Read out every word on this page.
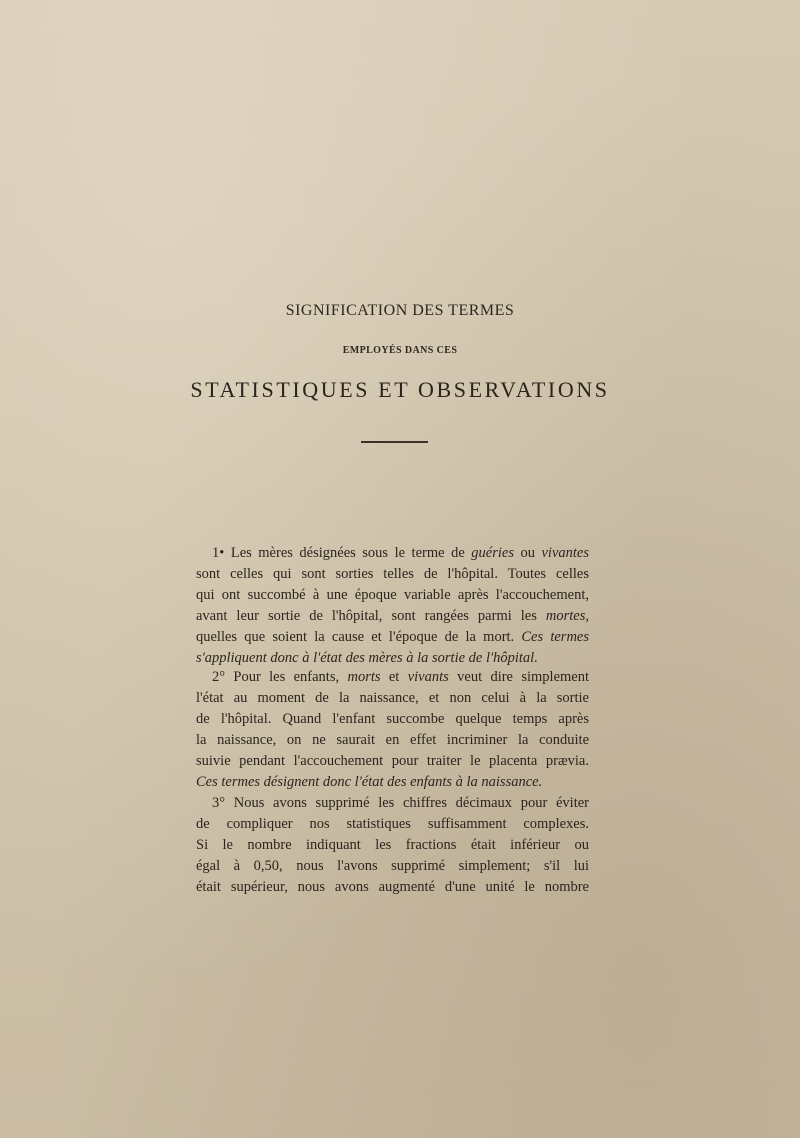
SIGNIFICATION DES TERMES
EMPLOYÉS DANS CES
STATISTIQUES ET OBSERVATIONS
1• Les mères désignées sous le terme de guéries ou vivantes
sont celles qui sont sorties telles de l'hôpital. Toutes celles
qui ont succombé à une époque variable après l'accouchement,
avant leur sortie de l'hôpital, sont rangées parmi les mortes,
quelles que soient la cause et l'époque de la mort. Ces termes
s'appliquent donc à l'état des mères à la sortie de l'hôpital.
2° Pour les enfants, morts et vivants veut dire simplement
l'état au moment de la naissance, et non celui à la sortie
de l'hôpital. Quand l'enfant succombe quelque temps après
la naissance, on ne saurait en effet incriminer la conduite
suivie pendant l'accouchement pour traiter le placenta prævia.
Ces termes désignent donc l'état des enfants à la naissance.
3° Nous avons supprimé les chiffres décimaux pour éviter
de compliquer nos statistiques suffisamment complexes.
Si le nombre indiquant les fractions était inférieur ou
égal à 0,50, nous l'avons supprimé simplement; s'il lui
était supérieur, nous avons augmenté d'une unité le nombre
